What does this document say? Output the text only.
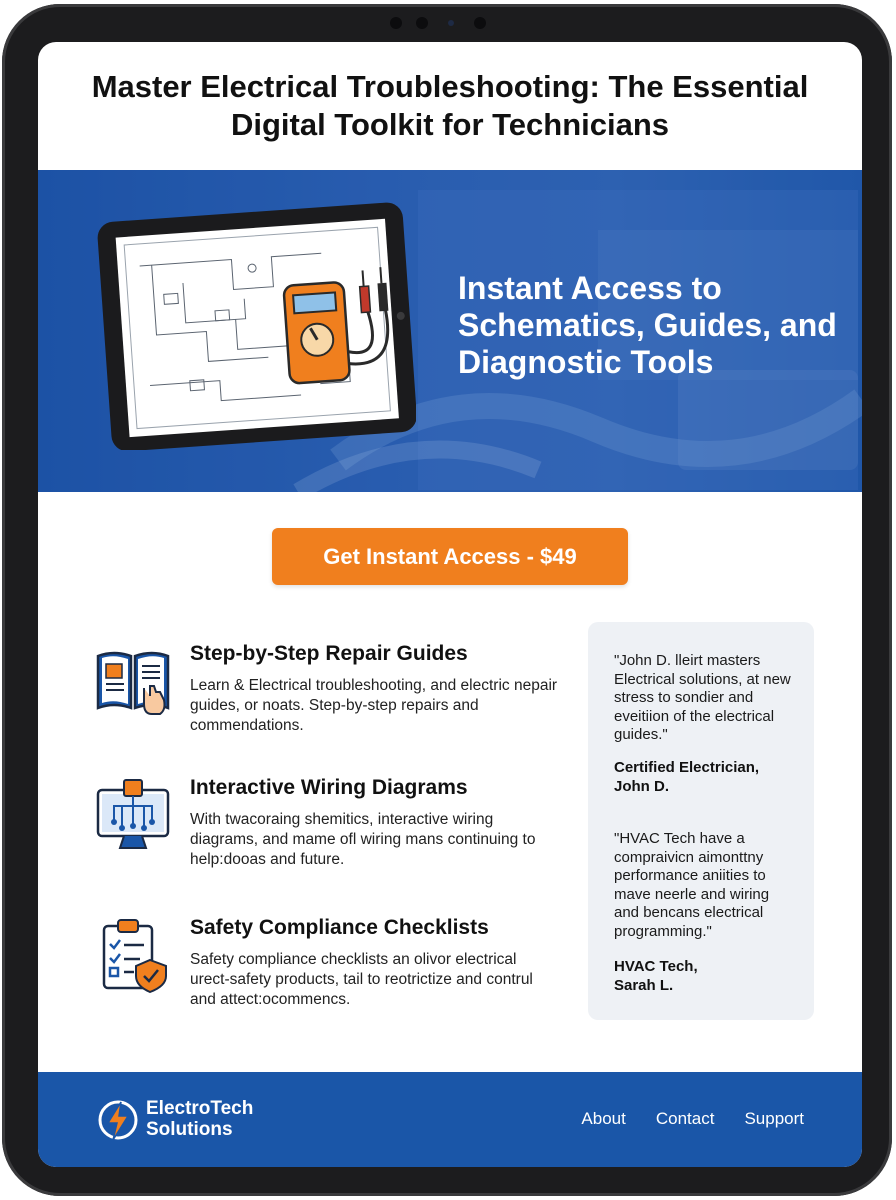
Master Electrical Troubleshooting: The Essential Digital Toolkit for Technicians

Instant Access to Schematics, Guides, and Diagnostic Tools

Get Instant Access - $49
Step-by-Step Repair Guides

Learn & Electrical troubleshooting, and electric nepair guides, or noats. Step-by-step repairs and commendations.

Interactive Wiring Diagrams

With twacoraing shemitics, interactive wiring diagrams, and mame ofl wiring mans continuing to help:dooas and future.

Safety Compliance Checklists

Safety compliance checklists an olivor electrical urect-safety products, tail to reotrictize and contrul and attect:ocommencs.

"John D. lleirt masters Electrical solutions, at new stress to sondier and eveitiion of the electrical guides."

Certified Electrician,

John D.

"HVAC Tech have a compraivicn aimonttny performance aniities to mave neerle and wiring and bencans electrical programming."

HVAC Tech,

Sarah L.

ElectroTech
Solutions
About Contact Support
